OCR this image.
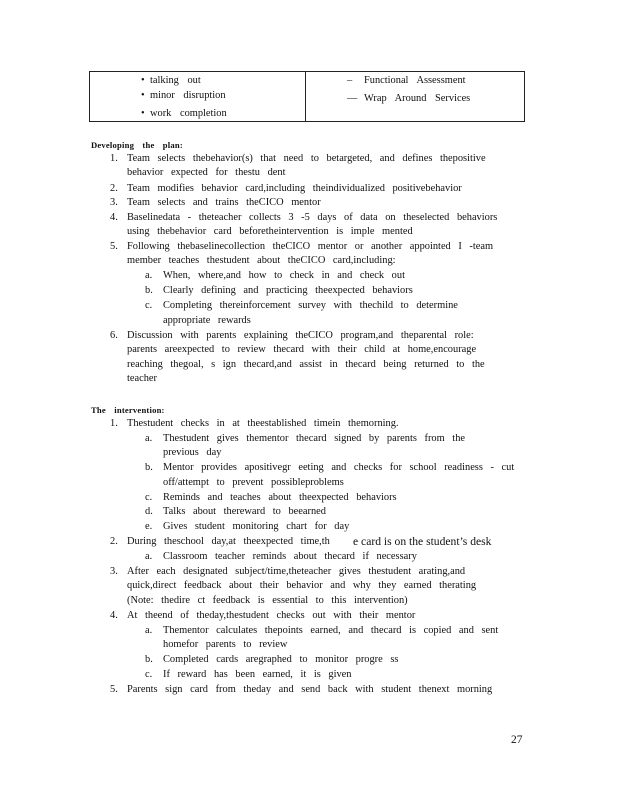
• talking out
• minor disruption
• work completion

– Functional Assessment
— Wrap Around Services
Developing the plan:
1. Team selects thebehavior(s) that need to betargeted, and defines thepositive
behavior expected for thestu dent
2. Team modifies behavior card,including theindividualized positivebehavior
3. Team selects and trains theCICO mentor
4. Baselinedata - theteacher collects 3 -5 days of data on theselected behaviors
using thebehavior card beforetheintervention is imple mented
5. Following thebaselinecollection theCICO mentor or another appointed I -team
member teaches thestudent about theCICO card,including:
a. When, where,and how to check in and check out
b. Clearly defining and practicing theexpected behaviors
c. Completing thereinforcement survey with thechild to determine
appropriate rewards
6. Discussion with parents explaining theCICO program,and theparental role:
parents areexpected to review thecard with their child at home,encourage
reaching thegoal, s ign thecard,and assist in thecard being returned to the
teacher
The intervention:
1. Thestudent checks in at theestablished timein themorning.
a. Thestudent gives thementor thecard signed by parents from the
previous day
b. Mentor provides apositivegr eeting and checks for school readiness - cut
off/attempt to prevent possibleproblems
c. Reminds and teaches about theexpected behaviors
d. Talks about thereward to beearned
e. Gives student monitoring chart for day
2. During theschool day,at theexpected time,th e card is on the student’s desk
a. Classroom teacher reminds about thecard if necessary
3. After each designated subject/time,theteacher gives thestudent arating,and
quick,direct feedback about their behavior and why they earned therating
(Note: thedire ct feedback is essential to this intervention)
4. At theend of theday,thestudent checks out with their mentor
a. Thementor calculates thepoints earned, and thecard is copied and sent
homefor parents to review
b. Completed cards aregraphed to monitor progre ss
c. If reward has been earned, it is given
5. Parents sign card from theday and send back with student thenext morning
27
